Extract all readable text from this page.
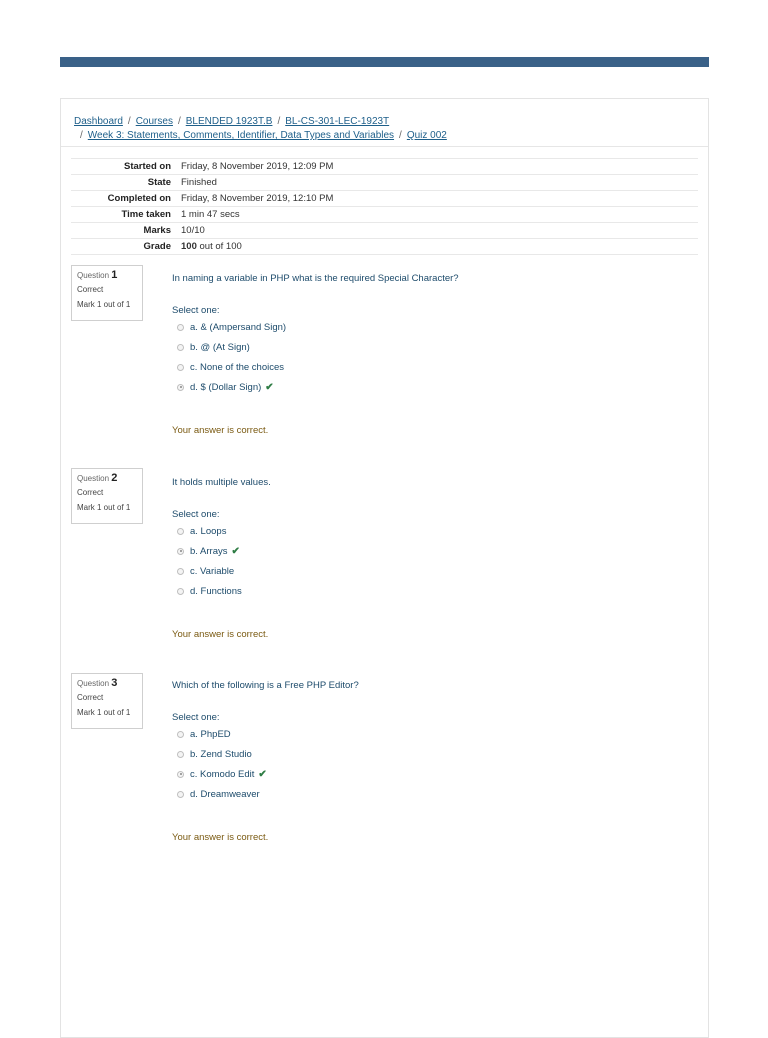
Dashboard / Courses / BLENDED 1923T.B / BL-CS-301-LEC-1923T
/ Week 3: Statements, Comments, Identifier, Data Types and Variables / Quiz 002
Started on	Friday, 8 November 2019, 12:09 PM
State	Finished
Completed on	Friday, 8 November 2019, 12:10 PM
Time taken	1 min 47 secs
Marks	10/10
Grade	100 out of 100
Question 1
Correct
Mark 1 out of 1
In naming a variable in PHP what is the required Special Character?
Select one:
a. & (Ampersand Sign)
b. @ (At Sign)
c. None of the choices
d. $ (Dollar Sign) ✔
Your answer is correct.
Question 2
Correct
Mark 1 out of 1
It holds multiple values.
Select one:
a. Loops
b. Arrays ✔
c. Variable
d. Functions
Your answer is correct.
Question 3
Correct
Mark 1 out of 1
Which of the following is a Free PHP Editor?
Select one:
a. PhpED
b. Zend Studio
c. Komodo Edit ✔
d. Dreamweaver
Your answer is correct.
